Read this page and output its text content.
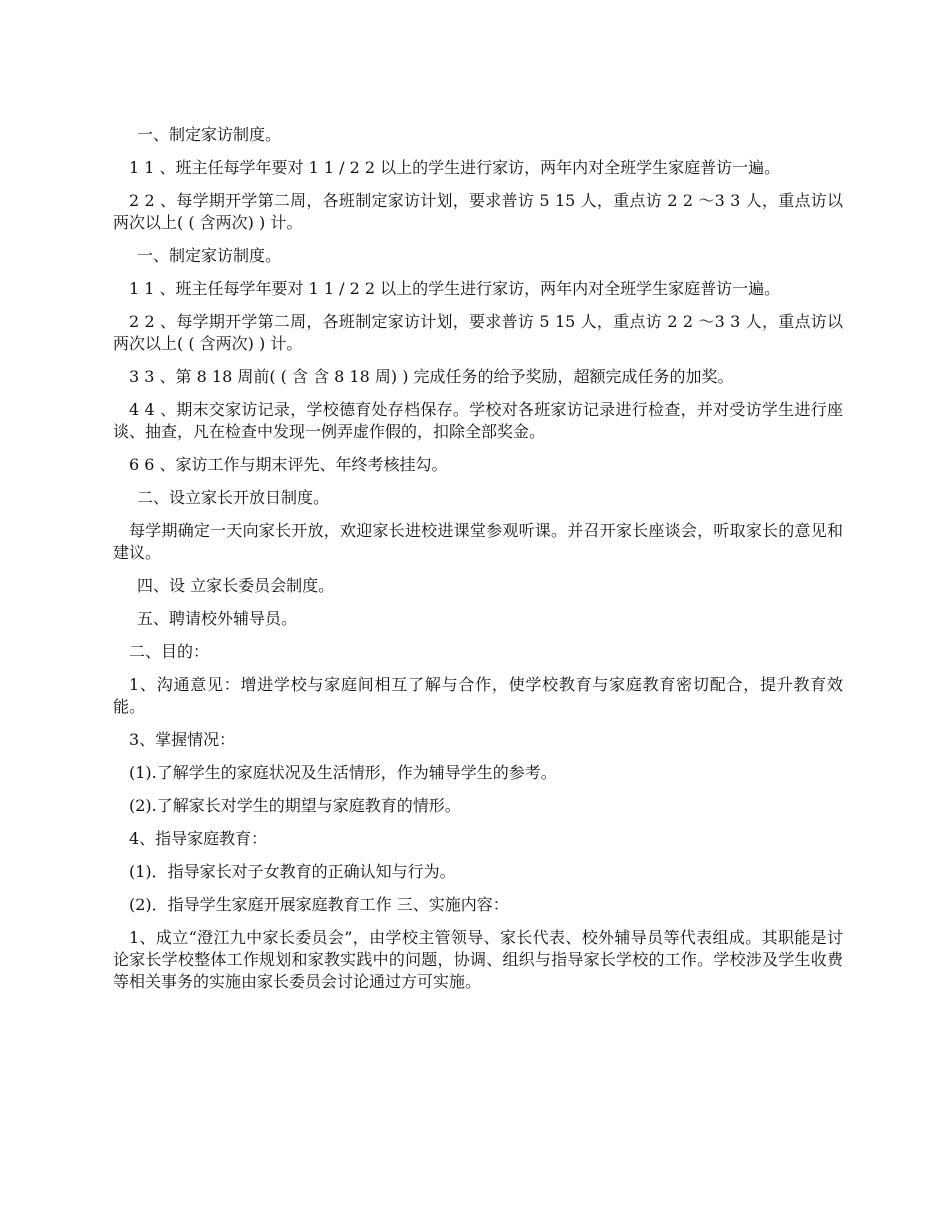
一、制定家访制度。

1 1 、班主任每学年要对 1 1 / 2 2 以上的学生进行家访，两年内对全班学生家庭普访一遍。

2 2 、每学期开学第二周，各班制定家访计划，要求普访 5 15 人，重点访 2 2 ～3 3 人，重点访以两次以上( ( 含两次) ) 计。

一、制定家访制度。

1 1 、班主任每学年要对 1 1 / 2 2 以上的学生进行家访，两年内对全班学生家庭普访一遍。

2 2 、每学期开学第二周，各班制定家访计划，要求普访 5 15 人，重点访 2 2 ～3 3 人，重点访以两次以上( ( 含两次) ) 计。

3 3 、第 8 18 周前( ( 含 含 8 18 周) ) 完成任务的给予奖励，超额完成任务的加奖。

4 4 、期末交家访记录，学校德育处存档保存。学校对各班家访记录进行检查，并对受访学生进行座谈、抽查，凡在检查中发现一例弄虚作假的，扣除全部奖金。

6 6 、家访工作与期末评先、年终考核挂勾。

二、设立家长开放日制度。

每学期确定一天向家长开放，欢迎家长进校进课堂参观听课。并召开家长座谈会，听取家长的意见和建议。

四、设 立家长委员会制度。

五、聘请校外辅导员。

二、目的：

1、沟通意见：增进学校与家庭间相互了解与合作，使学校教育与家庭教育密切配合，提升教育效能。

3、掌握情况：

(1).了解学生的家庭状况及生活情形，作为辅导学生的参考。

(2).了解家长对学生的期望与家庭教育的情形。

4、指导家庭教育：

(1)．指导家长对子女教育的正确认知与行为。

(2)．指导学生家庭开展家庭教育工作 三、实施内容：

1、成立“澄江九中家长委员会”，由学校主管领导、家长代表、校外辅导员等代表组成。其职能是讨论家长学校整体工作规划和家教实践中的问题，协调、组织与指导家长学校的工作。学校涉及学生收费等相关事务的实施由家长委员会讨论通过方可实施。
